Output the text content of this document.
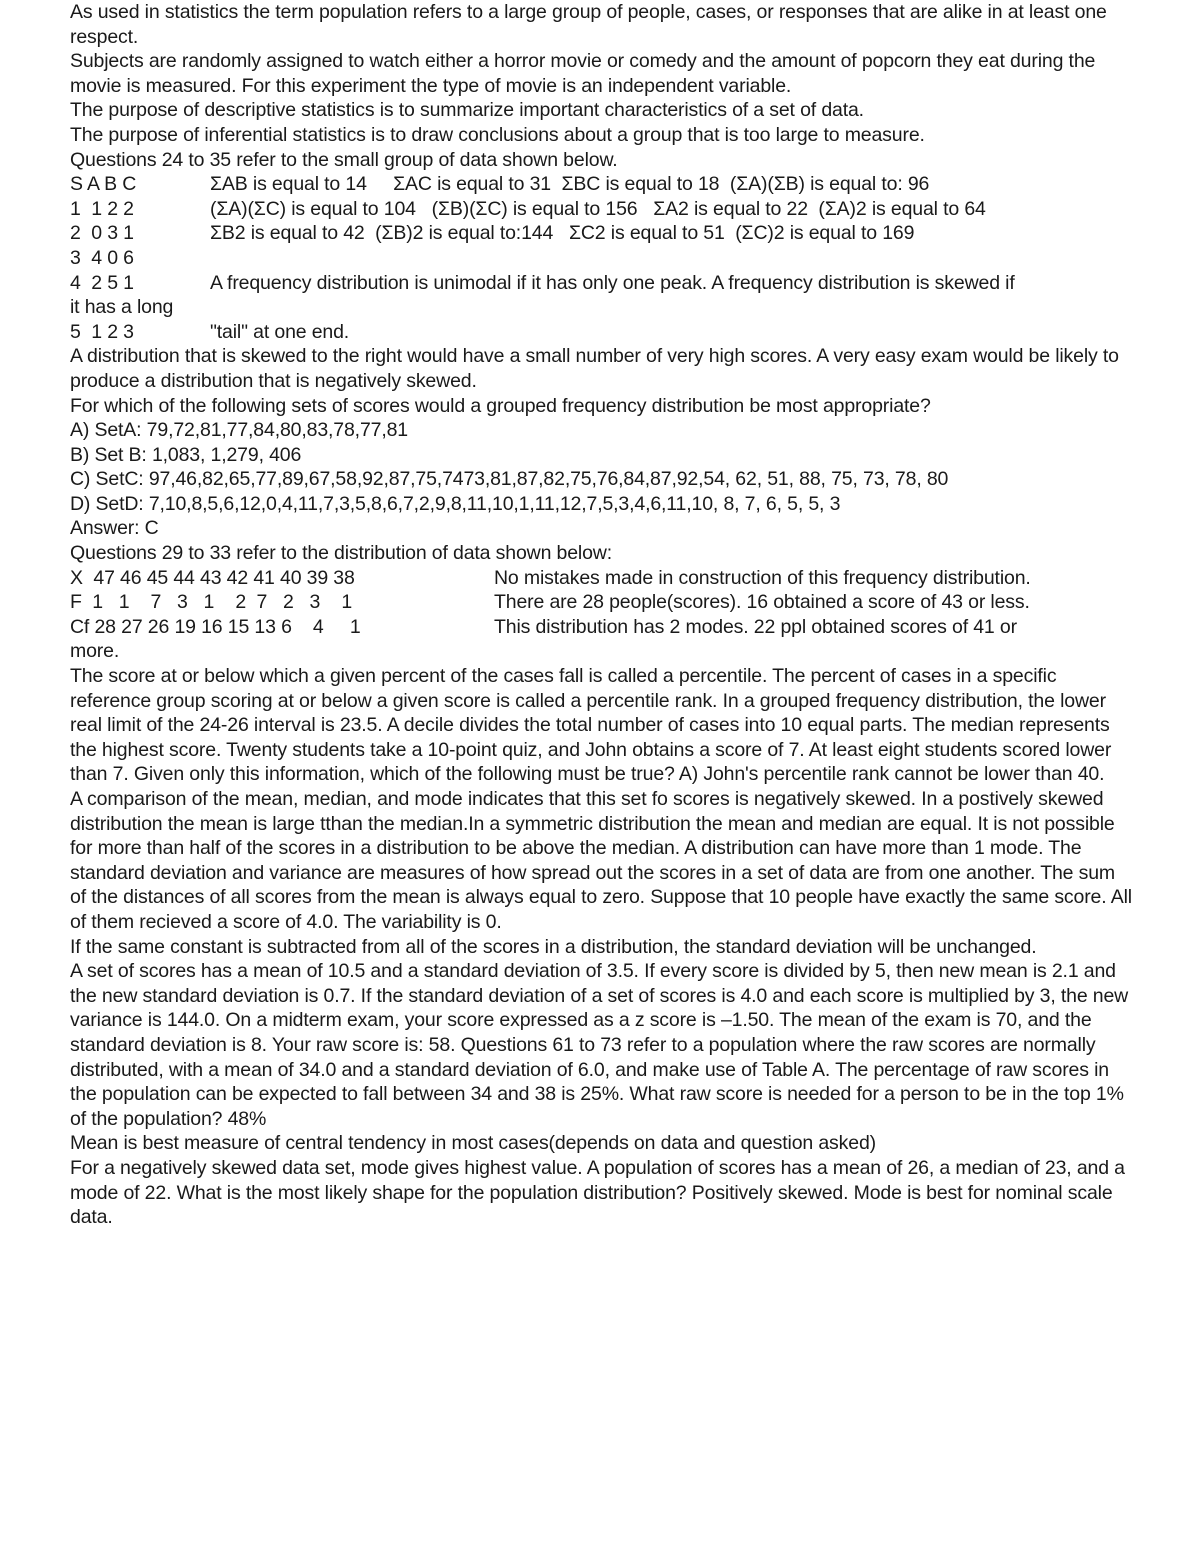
As used in statistics the term population refers to a large group of people, cases, or responses that are alike in at least one respect.
Subjects are randomly assigned to watch either a horror movie or comedy and the amount of popcorn they eat during the movie is measured. For this experiment the type of movie is an independent variable.
The purpose of descriptive statistics is to summarize important characteristics of a set of data.
The purpose of inferential statistics is to draw conclusions about a group that is too large to measure.
Questions 24 to 35 refer to the small group of data shown below.
S A B C	ΣAB is equal to 14     ΣAC is equal to 31  ΣBC is equal to 18  (ΣA)(ΣB) is equal to: 96
1  1 2 2	(ΣA)(ΣC) is equal to 104   (ΣB)(ΣC) is equal to 156   ΣA2 is equal to 22  (ΣA)2 is equal to 64
2  0 3 1	ΣB2 is equal to 42  (ΣB)2 is equal to:144   ΣC2 is equal to 51  (ΣC)2 is equal to 169
3  4 0 6
4  2 5 1	A frequency distribution is unimodal if it has only one peak. A frequency distribution is skewed if
it has a long
5  1 2 3	"tail" at one end.
A distribution that is skewed to the right would have a small number of very high scores. A very easy exam would be likely to produce a distribution that is negatively skewed.
For which of the following sets of scores would a grouped frequency distribution be most appropriate?
A) SetA: 79,72,81,77,84,80,83,78,77,81
B) Set B: 1,083, 1,279, 406
C) SetC: 97,46,82,65,77,89,67,58,92,87,75,7473,81,87,82,75,76,84,87,92,54, 62, 51, 88, 75, 73, 78, 80
D) SetD: 7,10,8,5,6,12,0,4,11,7,3,5,8,6,7,2,9,8,11,10,1,11,12,7,5,3,4,6,11,10, 8, 7, 6, 5, 5, 3
Answer: C
Questions 29 to 33 refer to the distribution of data shown below:
X  47 46 45 44 43 42 41 40 39 38	No mistakes made in construction of this frequency distribution.
F  1   1    7   3   1    2  7   2   3    1	There are 28 people(scores). 16 obtained a score of 43 or less.
Cf 28 27 26 19 16 15 13 6    4     1	This distribution has 2 modes. 22 ppl obtained scores of 41 or
more.
The score at or below which a given percent of the cases fall is called a percentile. The percent of cases in a specific reference group scoring at or below a given score is called a percentile rank. In a grouped frequency distribution, the lower real limit of the 24-26 interval is 23.5. A decile divides the total number of cases into 10 equal parts. The median represents the highest score. Twenty students take a 10-point quiz, and John obtains a score of 7. At least eight students scored lower than 7. Given only this information, which of the following must be true? A) John's percentile rank cannot be lower than 40.
A comparison of the mean, median, and mode indicates that this set fo scores is negatively skewed. In a postively skewed distribution the mean is large tthan the median.In a symmetric distribution the mean and median are equal. It is not possible for more than half of the scores in a distribution to be above the median. A distribution can have more than 1 mode. The standard deviation and variance are measures of how spread out the scores in a set of data are from one another. The sum of the distances of all scores from the mean is always equal to zero. Suppose that 10 people have exactly the same score. All of them recieved a score of 4.0. The variability is 0.
If the same constant is subtracted from all of the scores in a distribution, the standard deviation will be unchanged.
A set of scores has a mean of 10.5 and a standard deviation of 3.5. If every score is divided by 5, then new mean is 2.1 and the new standard deviation is 0.7. If the standard deviation of a set of scores is 4.0 and each score is multiplied by 3, the new variance is 144.0. On a midterm exam, your score expressed as a z score is –1.50. The mean of the exam is 70, and the standard deviation is 8. Your raw score is: 58. Questions 61 to 73 refer to a population where the raw scores are normally distributed, with a mean of 34.0 and a standard deviation of 6.0, and make use of Table A. The percentage of raw scores in the population can be expected to fall between 34 and 38 is 25%. What raw score is needed for a person to be in the top 1% of the population? 48%
Mean is best measure of central tendency in most cases(depends on data and question asked)
For a negatively skewed data set, mode gives highest value. A population of scores has a mean of 26, a median of 23, and a mode of 22. What is the most likely shape for the population distribution? Positively skewed. Mode is best for nominal scale data.
